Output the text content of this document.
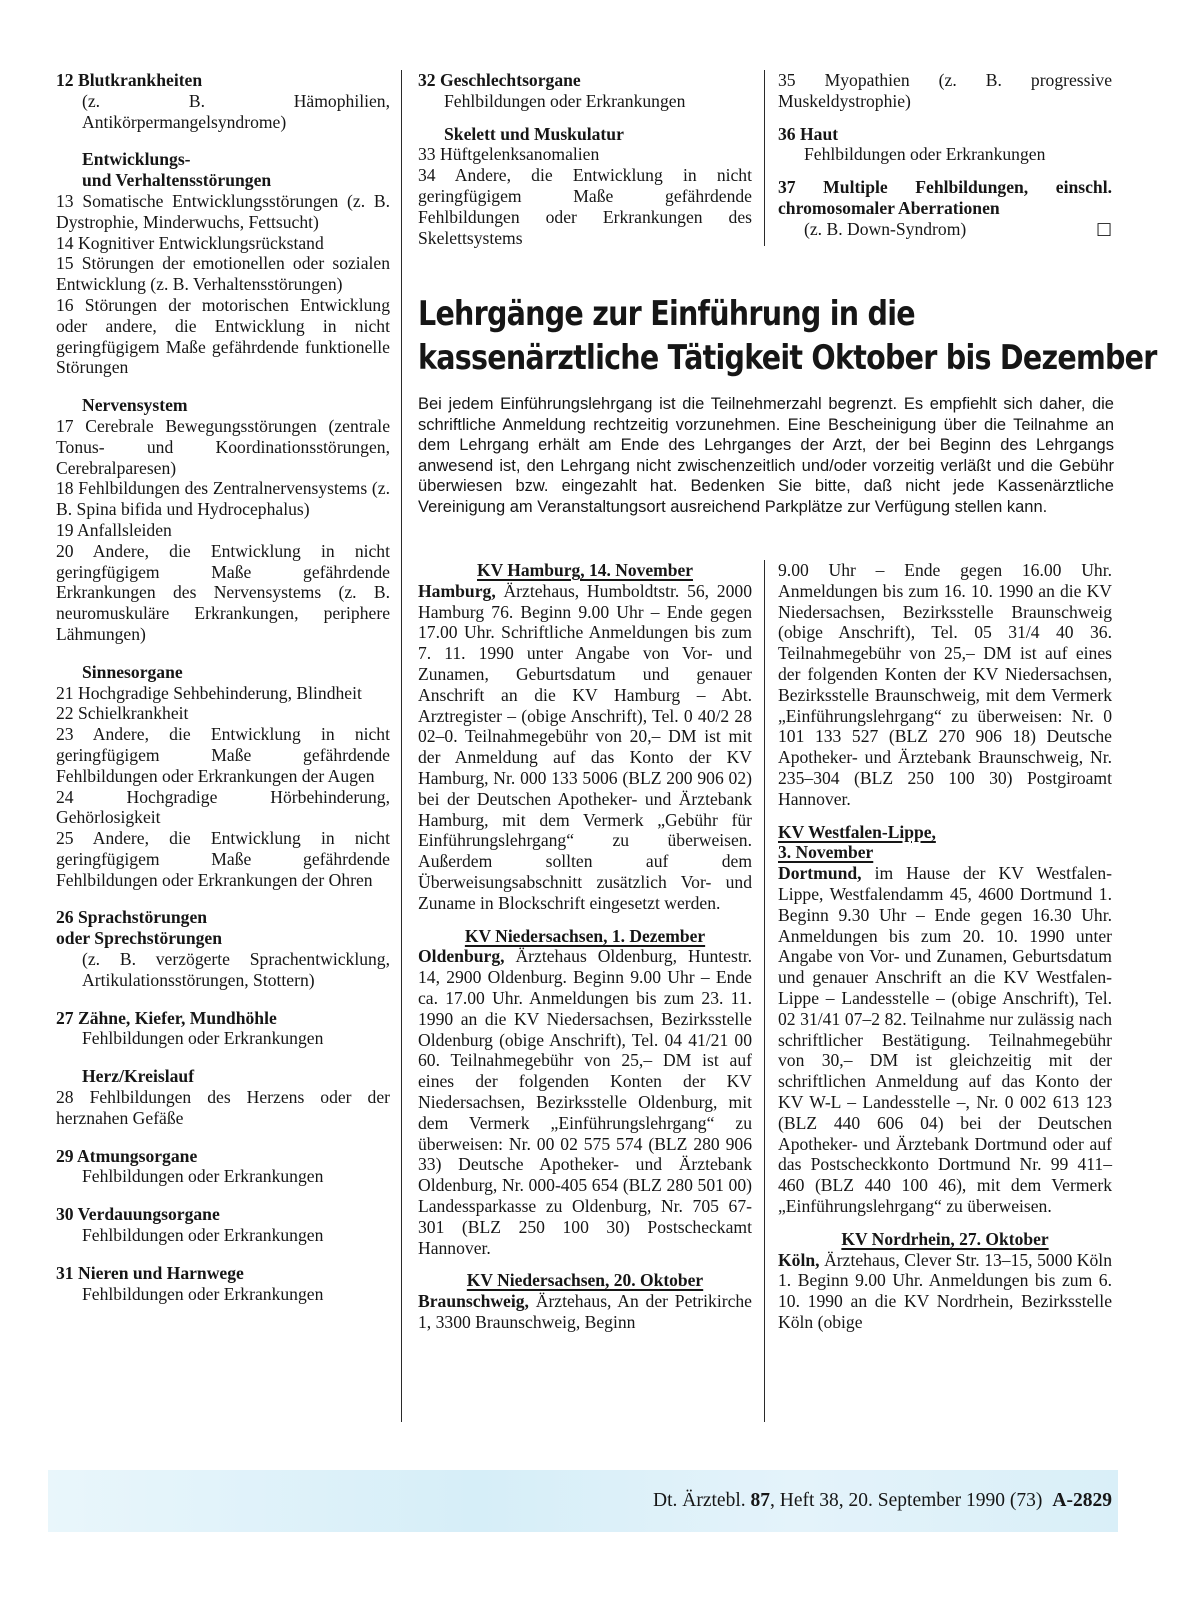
12 Blutkrankheiten

(z. B. Hämophilien, Antikörpermangelsyndrome)

Entwicklungs-
und Verhaltensstörungen

13 Somatische Entwicklungsstörungen (z. B. Dystrophie, Minderwuchs, Fettsucht)

14 Kognitiver Entwicklungsrückstand

15 Störungen der emotionellen oder sozialen Entwicklung (z. B. Verhaltensstörungen)

16 Störungen der motorischen Entwicklung oder andere, die Entwicklung in nicht geringfügigem Maße gefährdende funktionelle Störungen

Nervensystem

17 Cerebrale Bewegungsstörungen (zentrale Tonus- und Koordinationsstörungen, Cerebralparesen)

18 Fehlbildungen des Zentralnervensystems (z. B. Spina bifida und Hydrocephalus)

19 Anfallsleiden

20 Andere, die Entwicklung in nicht geringfügigem Maße gefährdende Erkrankungen des Nervensystems (z. B. neuromuskuläre Erkrankungen, periphere Lähmungen)

Sinnesorgane

21 Hochgradige Sehbehinderung, Blindheit

22 Schielkrankheit

23 Andere, die Entwicklung in nicht geringfügigem Maße gefährdende Fehlbildungen oder Erkrankungen der Augen

24 Hochgradige Hörbehinderung, Gehörlosigkeit

25 Andere, die Entwicklung in nicht geringfügigem Maße gefährdende Fehlbildungen oder Erkrankungen der Ohren

26 Sprachstörungen
oder Sprechstörungen

(z. B. verzögerte Sprachentwicklung, Artikulationsstörungen, Stottern)

27 Zähne, Kiefer, Mundhöhle

Fehlbildungen oder Erkrankungen

Herz/Kreislauf

28 Fehlbildungen des Herzens oder der herznahen Gefäße

29 Atmungsorgane

Fehlbildungen oder Erkrankungen

30 Verdauungsorgane

Fehlbildungen oder Erkrankungen

31 Nieren und Harnwege

Fehlbildungen oder Erkrankungen

32 Geschlechtsorgane

Fehlbildungen oder Erkrankungen

Skelett und Muskulatur

33 Hüftgelenksanomalien

34 Andere, die Entwicklung in nicht geringfügigem Maße gefährdende Fehlbildungen oder Erkrankungen des Skelettsystems

35 Myopathien (z. B. progressive Muskeldystrophie)

36 Haut

Fehlbildungen oder Erkrankungen

37 Multiple Fehlbildungen, einschl. chromosomaler Aberrationen

(z. B. Down-Syndrom)	□

Lehrgänge zur Einführung in die
kassenärztliche Tätigkeit Oktober bis Dezember

Bei jedem Einführungslehrgang ist die Teilnehmerzahl begrenzt. Es empfiehlt sich daher, die schriftliche Anmeldung rechtzeitig vorzunehmen. Eine Bescheinigung über die Teilnahme an dem Lehrgang erhält am Ende des Lehrganges der Arzt, der bei Beginn des Lehrgangs anwesend ist, den Lehrgang nicht zwischenzeitlich und/oder vorzeitig verläßt und die Gebühr überwiesen bzw. eingezahlt hat. Bedenken Sie bitte, daß nicht jede Kassenärztliche Vereinigung am Veranstaltungsort ausreichend Parkplätze zur Verfügung stellen kann.

KV Hamburg, 14. November

Hamburg, Ärztehaus, Humboldtstr. 56, 2000 Hamburg 76. Beginn 9.00 Uhr – Ende gegen 17.00 Uhr. Schriftliche Anmeldungen bis zum 7. 11. 1990 unter Angabe von Vor- und Zunamen, Geburtsdatum und genauer Anschrift an die KV Hamburg – Abt. Arztregister – (obige Anschrift), Tel. 0 40/2 28 02–0. Teilnahmegebühr von 20,– DM ist mit der Anmeldung auf das Konto der KV Hamburg, Nr. 000 133 5006 (BLZ 200 906 02) bei der Deutschen Apotheker- und Ärztebank Hamburg, mit dem Vermerk „Gebühr für Einführungslehrgang“ zu überweisen. Außerdem sollten auf dem Überweisungsabschnitt zusätzlich Vor- und Zuname in Blockschrift eingesetzt werden.

KV Niedersachsen, 1. Dezember

Oldenburg, Ärztehaus Oldenburg, Huntestr. 14, 2900 Oldenburg. Beginn 9.00 Uhr – Ende ca. 17.00 Uhr. Anmeldungen bis zum 23. 11. 1990 an die KV Niedersachsen, Bezirksstelle Oldenburg (obige Anschrift), Tel. 04 41/21 00 60. Teilnahmegebühr von 25,– DM ist auf eines der folgenden Konten der KV Niedersachsen, Bezirksstelle Oldenburg, mit dem Vermerk „Einführungslehrgang“ zu überweisen: Nr. 00 02 575 574 (BLZ 280 906 33) Deutsche Apotheker- und Ärztebank Oldenburg, Nr. 000-405 654 (BLZ 280 501 00) Landessparkasse zu Oldenburg, Nr. 705 67-301 (BLZ 250 100 30) Postscheckamt Hannover.

KV Niedersachsen, 20. Oktober

Braunschweig, Ärztehaus, An der Petrikirche 1, 3300 Braunschweig, Beginn

9.00 Uhr – Ende gegen 16.00 Uhr. Anmeldungen bis zum 16. 10. 1990 an die KV Niedersachsen, Bezirksstelle Braunschweig (obige Anschrift), Tel. 05 31/4 40 36. Teilnahmegebühr von 25,– DM ist auf eines der folgenden Konten der KV Niedersachsen, Bezirksstelle Braunschweig, mit dem Vermerk „Einführungslehrgang“ zu überweisen: Nr. 0 101 133 527 (BLZ 270 906 18) Deutsche Apotheker- und Ärztebank Braunschweig, Nr. 235–304 (BLZ 250 100 30) Postgiroamt Hannover.

KV Westfalen-Lippe,
3. November

Dortmund, im Hause der KV Westfalen-Lippe, Westfalendamm 45, 4600 Dortmund 1. Beginn 9.30 Uhr – Ende gegen 16.30 Uhr. Anmeldungen bis zum 20. 10. 1990 unter Angabe von Vor- und Zunamen, Geburtsdatum und genauer Anschrift an die KV Westfalen-Lippe – Landesstelle – (obige Anschrift), Tel. 02 31/41 07–2 82. Teilnahme nur zulässig nach schriftlicher Bestätigung. Teilnahmegebühr von 30,– DM ist gleichzeitig mit der schriftlichen Anmeldung auf das Konto der KV W-L – Landesstelle –, Nr. 0 002 613 123 (BLZ 440 606 04) bei der Deutschen Apotheker- und Ärztebank Dortmund oder auf das Postscheckkonto Dortmund Nr. 99 411–460 (BLZ 440 100 46), mit dem Vermerk „Einführungslehrgang“ zu überweisen.

KV Nordrhein, 27. Oktober

Köln, Ärztehaus, Clever Str. 13–15, 5000 Köln 1. Beginn 9.00 Uhr. Anmeldungen bis zum 6. 10. 1990 an die KV Nordrhein, Bezirksstelle Köln (obige

Dt. Ärztebl. 87, Heft 38, 20. September 1990 (73) A-2829
